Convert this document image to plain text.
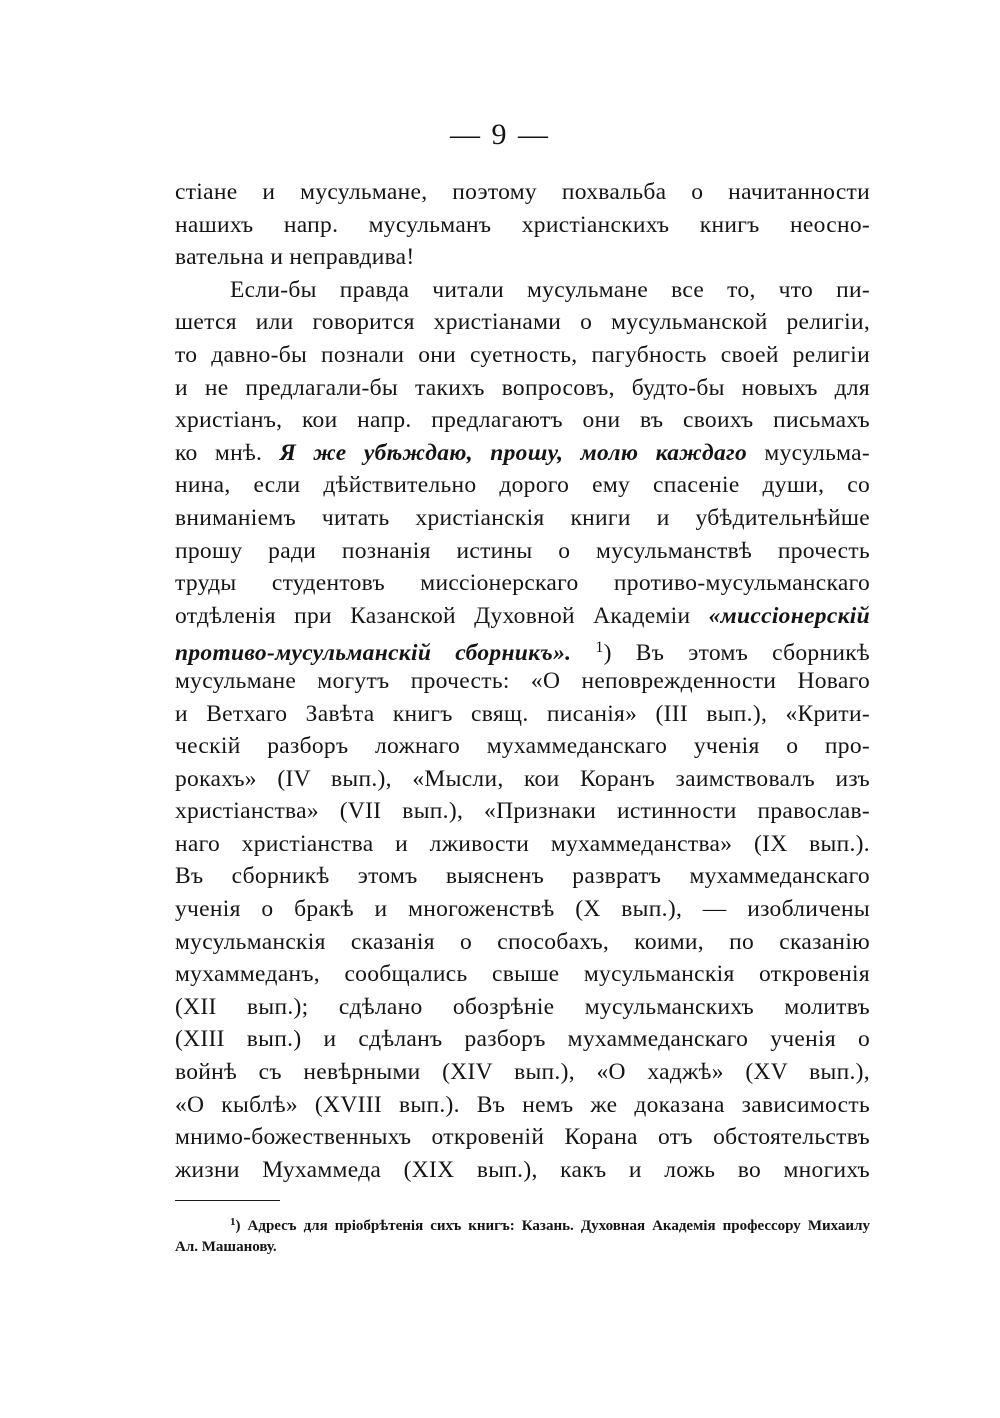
— 9 —
стіане и мусульмане, поэтому похвальба о начитанности
нашихъ напр. мусульманъ христіанскихъ книгъ неосно-
вательна и неправдива!
Если-бы правда читали мусульмане все то, что пи-
шется или говорится христіанами о мусульманской религіи,
то давно-бы познали они суетность, пагубность своей религіи
и не предлагали-бы такихъ вопросовъ, будто-бы новыхъ для
христіанъ, кои напр. предлагаютъ они въ своихъ письмахъ
ко мнѣ. Я же убѣждаю, прошу, молю каждаго мусульма-
нина, если дѣйствительно дорого ему спасеніе души, со
вниманіемъ читать христіанскія книги и убѣдительнѣйше
прошу ради познанія истины о мусульманствѣ прочесть
труды студентовъ миссіонерскаго противо-мусульманскаго
отдѣленія при Казанской Духовной Академіи «миссіонерскій
противо-мусульманскій сборникъ». $^1$) Въ этомъ сборникѣ
мусульмане могутъ прочесть: «О неповрежденности Новаго
и Ветхаго Завѣта книгъ свящ. писанія» (III вып.), «Крити-
ческій разборъ ложнаго мухаммеданскаго ученія о про-
рокахъ» (IV вып.), «Мысли, кои Коранъ заимствовалъ изъ
христіанства» (VII вып.), «Признаки истинности православ-
наго христіанства и лживости мухаммеданства» (IX вып.).
Въ сборникѣ этомъ выясненъ развратъ мухаммеданскаго
ученія о бракѣ и многоженствѣ (X вып.), — изобличены
мусульманскія сказанія о способахъ, коими, по сказанію
мухаммеданъ, сообщались свыше мусульманскія откровенія
(XII вып.); сдѣлано обозрѣніе мусульманскихъ молитвъ
(XIII вып.) и сдѣланъ разборъ мухаммеданскаго ученія о
войнѣ съ невѣрными (XIV вып.), «О хаджѣ» (XV вып.),
«О кыблѣ» (XVIII вып.). Въ немъ же доказана зависимость
мнимо-божественныхъ откровеній Корана отъ обстоятельствъ
жизни Мухаммеда (XIX вып.), какъ и ложь во многихъ
$^1$) Адресъ для пріобрѣтенія сихъ книгъ: Казань. Духовная Академія профессору Михаилу
Ал. Машанову.
